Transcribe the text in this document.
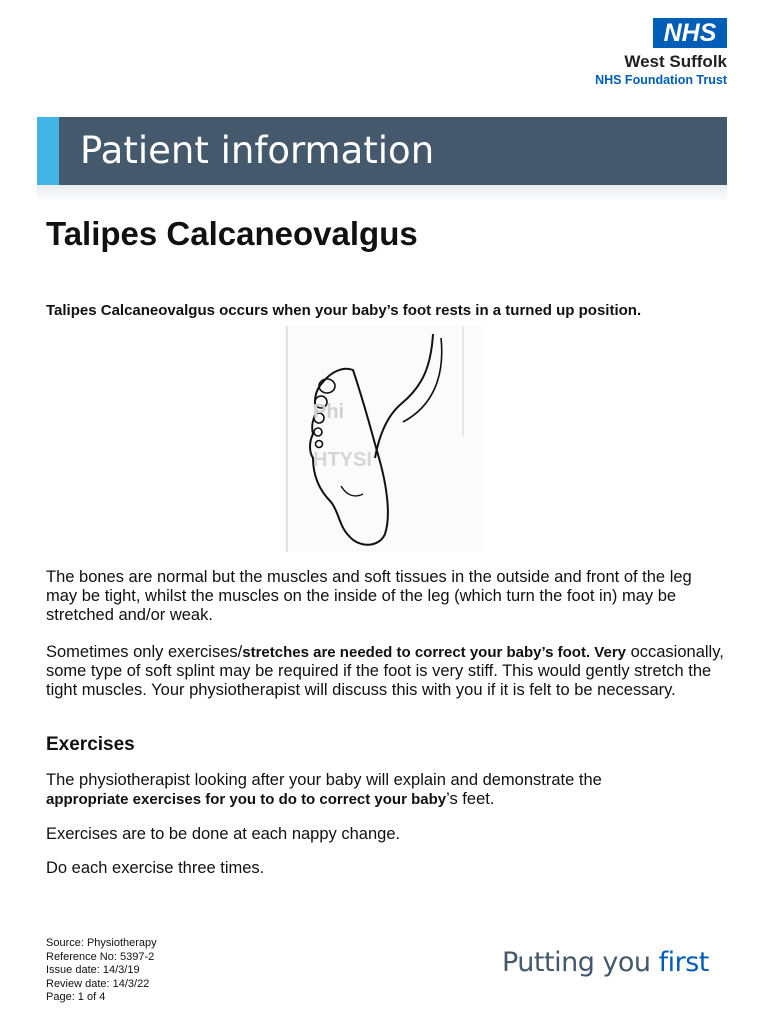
NHS
West Suffolk
NHS Foundation Trust
Patient information
Talipes Calcaneovalgus
Talipes Calcaneovalgus occurs when your baby’s foot rests in a turned up position.
Phi
HTYSI

The bones are normal but the muscles and soft tissues in the outside and front of the leg may be tight, whilst the muscles on the inside of the leg (which turn the foot in) may be stretched and/or weak.

Sometimes only exercises/stretches are needed to correct your baby’s foot. Very occasionally, some type of soft splint may be required if the foot is very stiff. This would gently stretch the tight muscles. Your physiotherapist will discuss this with you if it is felt to be necessary.

Exercises

The physiotherapist looking after your baby will explain and demonstrate the
appropriate exercises for you to do to correct your baby’s feet.

Exercises are to be done at each nappy change.

Do each exercise three times.

Source: Physiotherapy
Reference No: 5397-2
Issue date: 14/3/19
Review date: 14/3/22
Page: 1 of 4
Putting you first
